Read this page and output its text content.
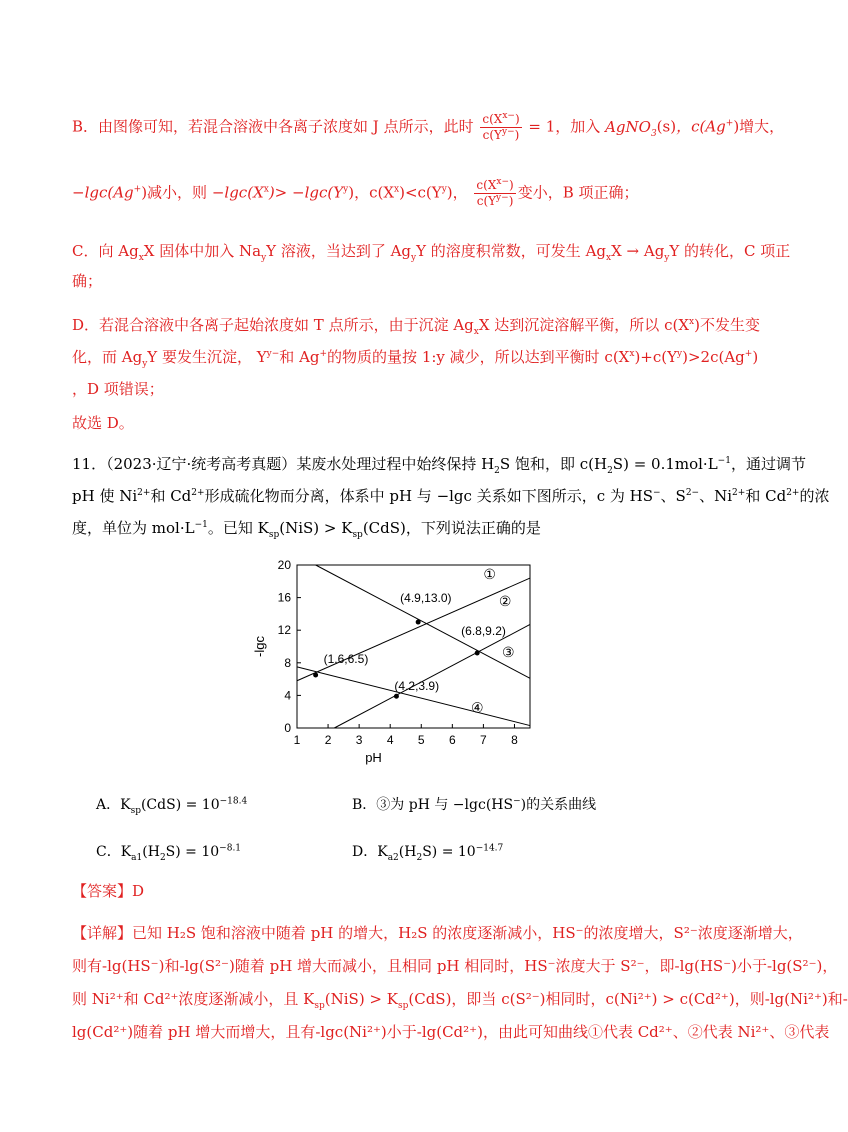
B．由图像可知，若混合溶液中各离子浓度如 J 点所示，此时 $\frac{c(X^{x-})}{c(Y^{y-})} = 1$，加入 AgNO$_3$(s)，c(Ag+)增大，
−lgc(Ag+)减小，则 $-\lg c(X^x)> -\lg c(Y^y)$，$c(X^x)<c(Y^y)$， $\frac{c(X^{x-})}{c(Y^{y-})}$ 变小，B 项正确；
C．向 $Ag_xX$ 固体中加入 $Na_yY$ 溶液，当达到了 $Ag_yY$ 的溶度积常数，可发生 $Ag_xX \to Ag_yY$ 的转化，C 项正
确；
D．若混合溶液中各离子起始浓度如 T 点所示，由于沉淀 $Ag_xX$ 达到沉淀溶解平衡，所以 $c(X^x)$不发生变
化，而 $Ag_yY$ 要发生沉淀， $Y^{y-}$和 Ag+的物质的量按 1:y 减少，所以达到平衡时 $c(X^x)+c(Y^y)>2c(Ag^+)$
，D 项错误；
故选 D。
11．（2023·辽宁·统考高考真题）某废水处理过程中始终保持 $H_2S$ 饱和，即 $c(H_2S) = 0.1mol\cdot L^{-1}$，通过调节
pH 使 $Ni^{2+}$和 $Cd^{2+}$形成硫化物而分离，体系中 pH 与 −lgc 关系如下图所示，c 为 HS−、$S^{2-}$、$Ni^{2+}$和 $Cd^{2+}$的浓
度，单位为 $mol\cdot L^{-1}$。已知 $K_{sp}(NiS) > K_{sp}(CdS)$，下列说法正确的是
1 2 3 4 5 6 7 8
0
4
8
12
16
20
pH
-lgc
①
②
③
④
(4.9,13.0)
(6.8,9.2)
(1.6,6.5)
(4.2,3.9)
A．$K_{sp}(CdS) = 10^{-18.4}$	B．③为 pH 与 −lgc(HS−)的关系曲线
C．$K_{a1}(H_2S) = 10^{-8.1}$	D．$K_{a2}(H_2S) = 10^{-14.7}$
【答案】D
【详解】已知 H₂S 饱和溶液中随着 pH 的增大，H₂S 的浓度逐渐减小，HS⁻的浓度增大，S²⁻浓度逐渐增大，
则有-lg(HS⁻)和-lg(S²⁻)随着 pH 增大而减小，且相同 pH 相同时，HS⁻浓度大于 S²⁻，即-lg(HS⁻)小于-lg(S²⁻)，
则 Ni²⁺和 Cd²⁺浓度逐渐减小，且 $K_{sp}(NiS) > K_{sp}(CdS)$，即当 c(S²⁻)相同时，c(Ni²⁺) > c(Cd²⁺)，则-lg(Ni²⁺)和-
lg(Cd²⁺)随着 pH 增大而增大，且有-lgc(Ni²⁺)小于-lg(Cd²⁺)，由此可知曲线①代表 Cd²⁺、②代表 Ni²⁺、③代表
